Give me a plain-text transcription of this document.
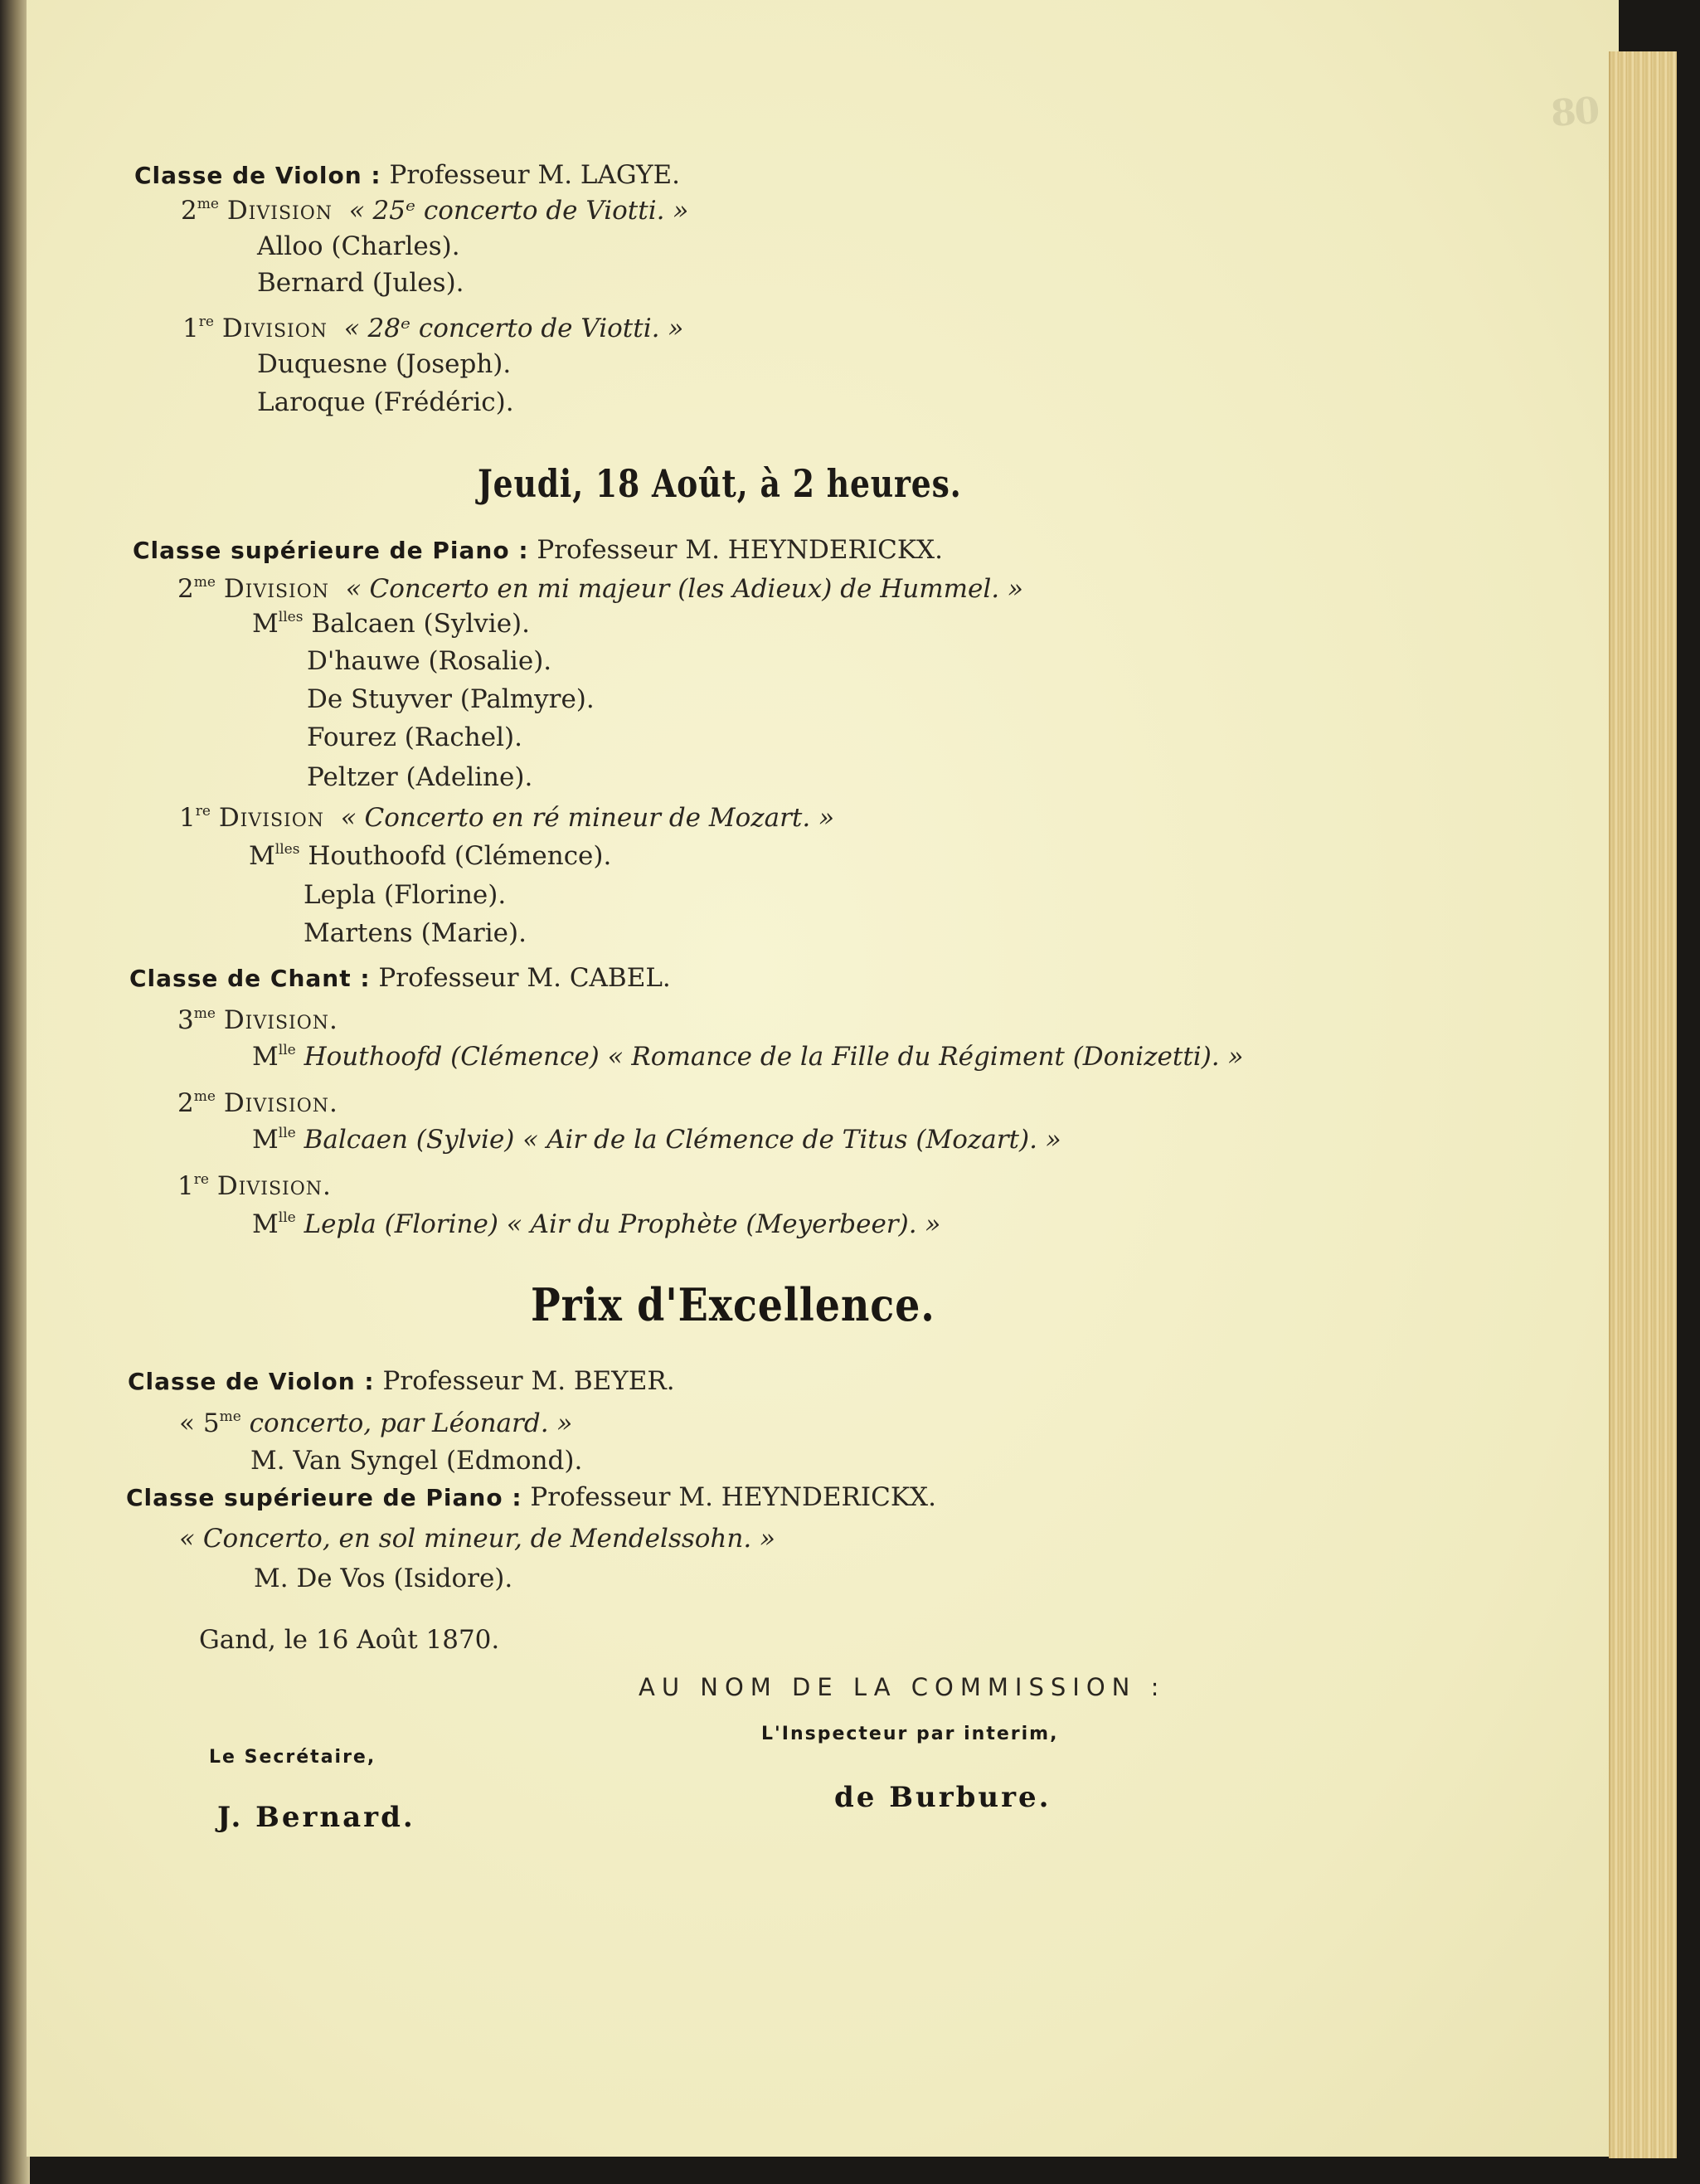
80
Classe de Violon : Professeur M. LAGYE.
$2^{me}$ Division « 25ᵉ concerto de Viotti. »
Alloo (Charles).
Bernard (Jules).
1re Division « 28ᵉ concerto de Viotti. »
Duquesne (Joseph).
Laroque (Frédéric).
Jeudi, 18 Août, à 2 heures.
Classe supérieure de Piano : Professeur M. HEYNDERICKX.
$2^{me}$ Division « Concerto en mi majeur (les Adieux) de Hummel. »
$M^{lles}$ Balcaen (Sylvie).
D'hauwe (Rosalie).
De Stuyver (Palmyre).
Fourez (Rachel).
Peltzer (Adeline).
1re Division « Concerto en ré mineur de Mozart. »
$M^{lles}$ Houthoofd (Clémence).
Lepla (Florine).
Martens (Marie).
Classe de Chant : Professeur M. CABEL.
$3^{me}$ Division.
$M^{lle}$ Houthoofd (Clémence) « Romance de la Fille du Régiment (Donizetti). »
$2^{me}$ Division.
$M^{lle}$ Balcaen (Sylvie) « Air de la Clémence de Titus (Mozart). »
1re Division.
$M^{lle}$ Lepla (Florine) « Air du Prophète (Meyerbeer). »
Prix d'Excellence.
Classe de Violon : Professeur M. BEYER.
« $5^{me}$ concerto, par Léonard. »
M. Van Syngel (Edmond).
Classe supérieure de Piano : Professeur M. HEYNDERICKX.
« Concerto, en sol mineur, de Mendelssohn. »
M. De Vos (Isidore).
Gand, le 16 Août 1870.
AU NOM DE LA COMMISSION :
L'Inspecteur par interim,
Le Secrétaire,
de Burbure.
J. Bernard.
